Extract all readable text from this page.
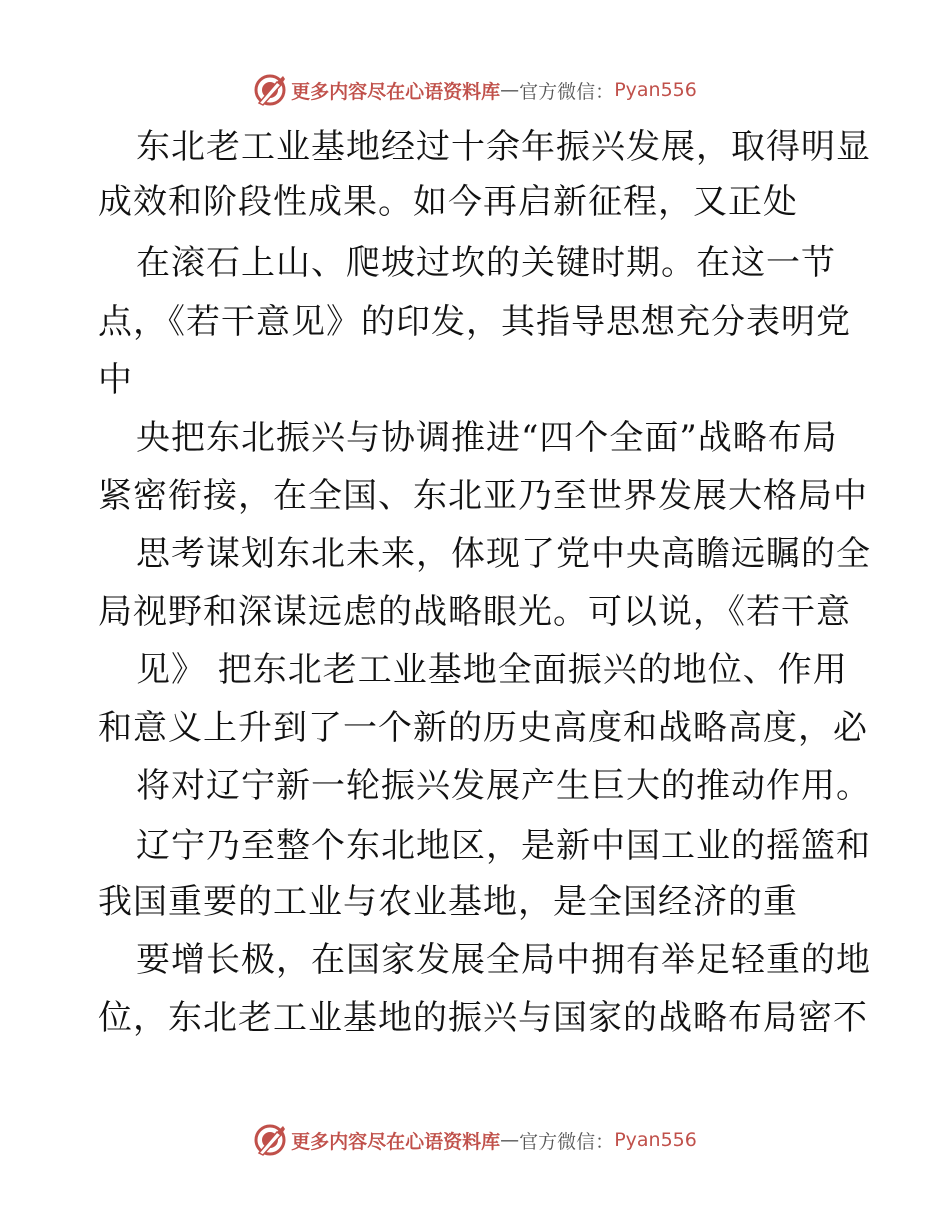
更多内容尽在心语资料库 — 官方微信： Pyan556
东北老工业基地经过十余年振兴发展，取得明显
成效和阶段性成果。如今再启新征程，又正处
在滚石上山、爬坡过坎的关键时期。在这一节
点，《若干意见》的印发，其指导思想充分表明党
中
央把东北振兴与协调推进“四个全面”战略布局
紧密衔接，在全国、东北亚乃至世界发展大格局中
思考谋划东北未来，体现了党中央高瞻远瞩的全
局视野和深谋远虑的战略眼光。可以说，《若干意
见》 把东北老工业基地全面振兴的地位、作用
和意义上升到了一个新的历史高度和战略高度，必
将对辽宁新一轮振兴发展产生巨大的推动作用。
辽宁乃至整个东北地区，是新中国工业的摇篮和
我国重要的工业与农业基地，是全国经济的重
要增长极，在国家发展全局中拥有举足轻重的地
位，东北老工业基地的振兴与国家的战略布局密不
更多内容尽在心语资料库 — 官方微信： Pyan556
